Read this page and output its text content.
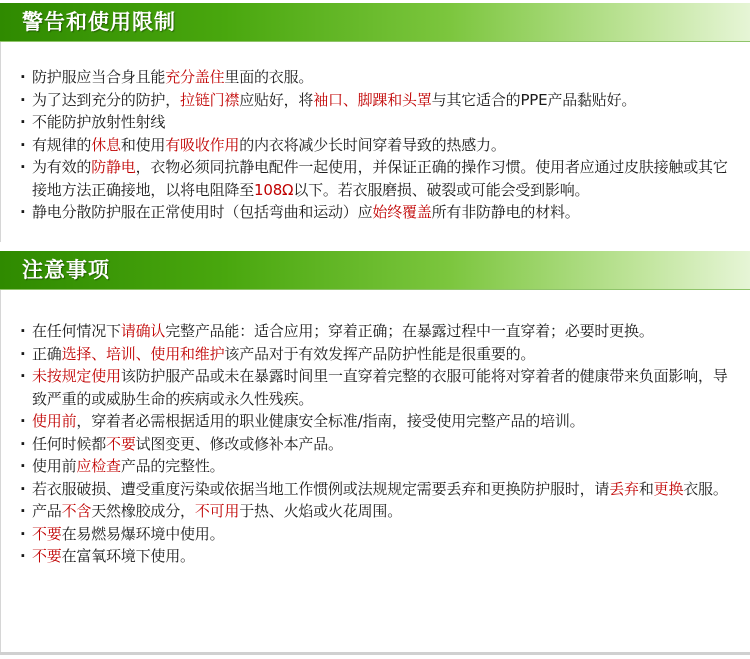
警告和使用限制
· 防护服应当合身且能充分盖住里面的衣服。
· 为了达到充分的防护，拉链门襟应贴好，将袖口、脚踝和头罩与其它适合的PPE产品黏贴好。
· 不能防护放射性射线
· 有规律的休息和使用有吸收作用的内衣将减少长时间穿着导致的热感力。
· 为有效的防静电，衣物必须同抗静电配件一起使用，并保证正确的操作习惯。使用者应通过皮肤接触或其它接地方法正确接地，以将电阻降至108Ω以下。若衣服磨损、破裂或可能会受到影响。
· 静电分散防护服在正常使用时（包括弯曲和运动）应始终覆盖所有非防静电的材料。
注意事项
· 在任何情况下请确认完整产品能：适合应用；穿着正确；在暴露过程中一直穿着；必要时更换。
· 正确选择、培训、使用和维护该产品对于有效发挥产品防护性能是很重要的。
· 未按规定使用该防护服产品或未在暴露时间里一直穿着完整的衣服可能将对穿着者的健康带来负面影响，导致严重的或威胁生命的疾病或永久性残疾。
· 使用前，穿着者必需根据适用的职业健康安全标准/指南，接受使用完整产品的培训。
· 任何时候都不要试图变更、修改或修补本产品。
· 使用前应检查产品的完整性。
· 若衣服破损、遭受重度污染或依据当地工作惯例或法规规定需要丢弃和更换防护服时，请丢弃和更换衣服。
· 产品不含天然橡胶成分，不可用于热、火焰或火花周围。
· 不要在易燃易爆环境中使用。
· 不要在富氧环境下使用。
